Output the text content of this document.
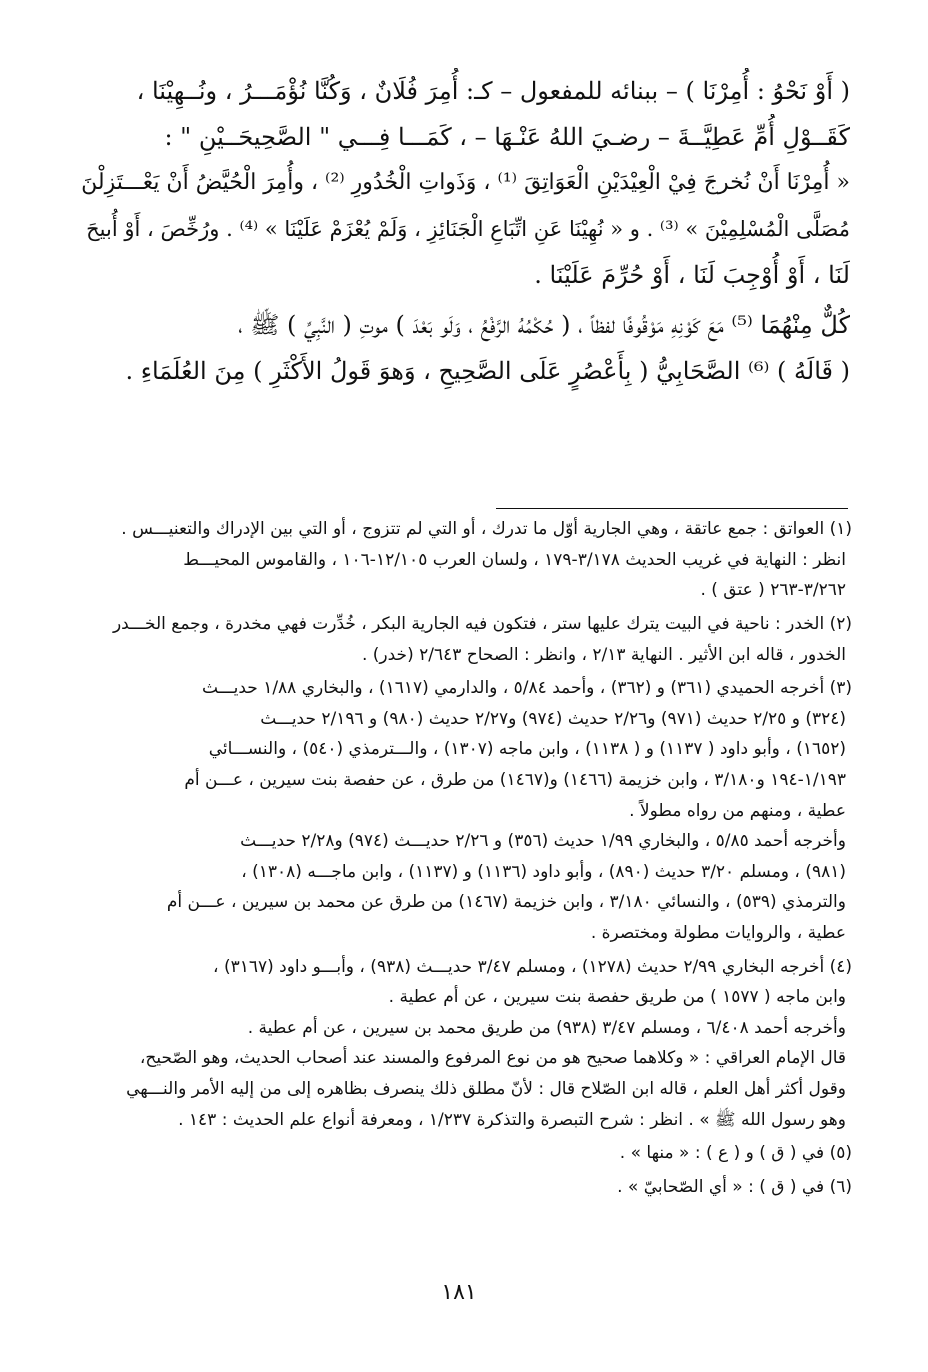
( أَوْ نَحْوُ : أُمِرْنَا ) – ببنائه للمفعول – كـ: أُمِرَ فُلَانٌ ، وَكُنَّا نُؤْمَـــرُ ، ونُــهِيْنَا ،
كَقَــوْلِ أُمِّ عَطِيَّــةَ – رضـيَ اللهُ عَنْـهَا – ، كَمَـــا فِـــي " الصَّحِيحَــيْنِ " :
« أُمِرْنَا أَنْ نُخرجَ فِيْ الْعِيْدَيْنِ الْعَوَاتِقَ ⁽¹⁾ ، وَذَواتِ الْخُدُورِ ⁽²⁾ ، وأُمِرَ الْحُيَّضُ أَنْ يَعْـــتَزِلْنَ
مُصَلَّى الْمُسْلِمِيْنَ » ⁽³⁾ . و « نُهِيْنَا عَنِ اتِّبَاعِ الْجَنَائِزِ ، وَلَمْ يُعْزَمْ عَلَيْنَا » ⁽⁴⁾ . ورُخِّصَ ، أَوْ أُبيحَ
لَنَا ، أَوْ أُوْجِبَ لَنَا ، أَوْ حُرِّمَ عَلَيْنَا .
كُلٌّ مِنْهُمَا ⁽⁵⁾ مَعَ كَوْنِهِ مَوْقُوفًا لفظاً ، ( حُكْمُهُ الرَّفْعُ ، وَلَو بَعْدَ ) موتِ ( النَّبِيِّ ) ﷺ ،
( قَالَهُ ) ⁽⁶⁾ الصَّحَابِيُّ ( بِأَعْصُرٍ عَلَى الصَّحِيحِ ، وَهوَ قَولُ الأَكْثَرِ ) مِنَ العُلَمَاءِ .
(١) العواتق : جمع عاتقة ، وهي الجارية أوّل ما تدرك ، أو التي لم تتزوج ، أو التي بين الإدراك والتعنيـــس .
انظر : النهاية في غريب الحديث ٣/١٧٨-١٧٩ ، ولسان العرب ١٢/١٠٥-١٠٦ ، والقاموس المحيـــط
٣/٢٦٢-٢٦٣ ( عتق ) .
(٢) الخدر : ناحية في البيت يترك عليها ستر ، فتكون فيه الجارية البكر ، خُدِّرت فهي مخدرة ، وجمع الخـــدر
الخدور ، قاله ابن الأثير . النهاية ٢/١٣ ، وانظر : الصحاح ٢/٦٤٣ (خدر) .
(٣) أخرجه الحميدي (٣٦١) و (٣٦٢) ، وأحمد ٥/٨٤ ، والدارمي (١٦١٧) ، والبخاري ١/٨٨ حديـــث
(٣٢٤) و ٢/٢٥ حديث (٩٧١) و٢/٢٦ حديث (٩٧٤) و٢/٢٧ حديث (٩٨٠) و ٢/١٩٦ حديـــث
(١٦٥٢) ، وأبو داود ( ١١٣٧) و ( ١١٣٨) ، وابن ماجه (١٣٠٧) ، والـــترمذي (٥٤٠) ، والنســـائي
١/١٩٣-١٩٤ و٣/١٨٠ ، وابن خزيمة (١٤٦٦) و(١٤٦٧) من طرق ، عن حفصة بنت سيرين ، عـــن أم
عطية ، ومنهم من رواه مطولاً .
وأخرجه أحمد ٥/٨٥ ، والبخاري ١/٩٩ حديث (٣٥٦) و ٢/٢٦ حديـــث (٩٧٤) و٢/٢٨ حديـــث
(٩٨١) ، ومسلم ٣/٢٠ حديث (٨٩٠) ، وأبو داود (١١٣٦) و (١١٣٧) ، وابن ماجـــه (١٣٠٨) ،
والترمذي (٥٣٩) ، والنسائي ٣/١٨٠ ، وابن خزيمة (١٤٦٧) من طرق عن محمد بن سيرين ، عـــن أم
عطية ، والروايات مطولة ومختصرة .
(٤) أخرجه البخاري ٢/٩٩ حديث (١٢٧٨) ، ومسلم ٣/٤٧ حديـــث (٩٣٨) ، وأبـــو داود (٣١٦٧) ،
وابن ماجه ( ١٥٧٧ ) من طريق حفصة بنت سيرين ، عن أم عطية .
وأخرجه أحمد ٦/٤٠٨ ، ومسلم ٣/٤٧ (٩٣٨) من طريق محمد بن سيرين ، عن أم عطية .
قال الإمام العراقي : « وكلاهما صحيح هو من نوع المرفوع والمسند عند أصحاب الحديث، وهو الصّحيح،
وقول أكثر أهل العلم ، قاله ابن الصّلاح قال : لأنّ مطلق ذلك ينصرف بظاهره إلى من إليه الأمر والنـــهي
وهو رسول الله ﷺ » . انظر : شرح التبصرة والتذكرة ١/٢٣٧ ، ومعرفة أنواع علم الحديث : ١٤٣ .
(٥) في ( ق ) و ( ع ) : « منها » .
(٦) في ( ق ) : « أي الصّحابيّ » .
١٨١
